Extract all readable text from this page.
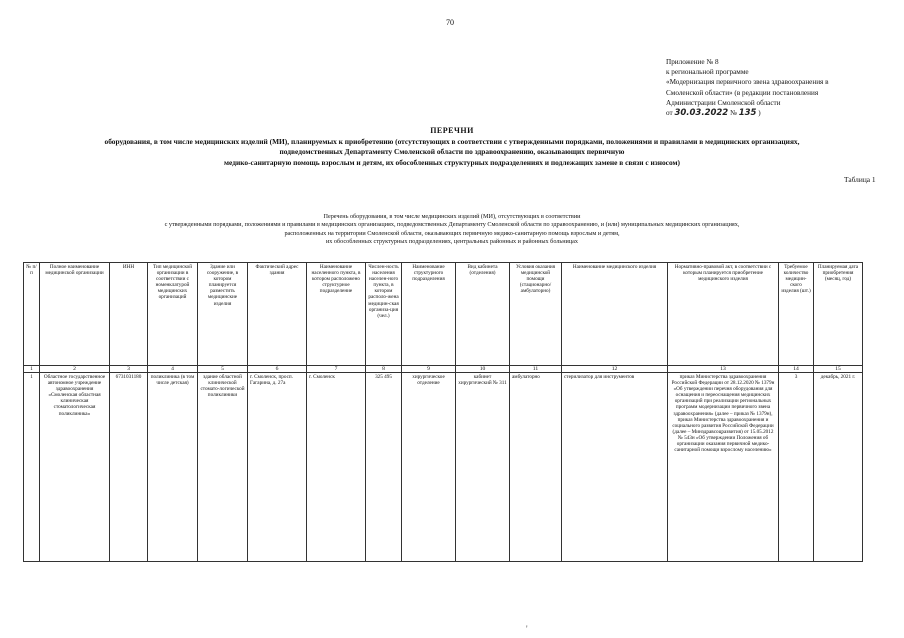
70
Приложение № 8
к региональной программе
«Модернизация первичного звена здравоохранения в
Смоленской области» (в редакции постановления
Администрации Смоленской области
от 30.03.2022 № 135 )
ПЕРЕЧНИ
оборудования, в том числе медицинских изделий (МИ), планируемых к приобретению (отсутствующих в соответствии с утвержденными порядками, положениями и правилами в медицинских организациях,
подведомственных Департаменту Смоленской области по здравоохранению, оказывающих первичную
медико-санитарную помощь взрослым и детям, их обособленных структурных подразделениях и подлежащих замене в связи с износом)
Таблица 1
Перечень оборудования, в том числе медицинских изделий (МИ), отсутствующих в соответствии
с утвержденными порядками, положениями и правилами в медицинских организациях, подведомственных Департаменту Смоленской области по здравоохранению, и (или) муниципальных медицинских организациях,
расположенных на территории Смоленской области, оказывающих первичную медико-санитарную помощь взрослым и детям,
их обособленных структурных подразделениях, центральных районных и районных больницах
№ п/п	Полное наименование медицинской организации	ИНН	Тип медицинской организации в соответствии с номенклатурой медицинских организаций	Здание или сооружение, в котором планируется разместить медицинские изделия	Фактический адрес здания	Наименование населенного пункта, в котором расположено структурное подразделение	Числен-ность населения населен-ного пункта, в котором располо-жена медицин-ская организа-ция (чел.)	Наименование структурного подразделения	Вид кабинета (отделения)	Условия оказания медицинской помощи (стационарно/амбулаторно)	Наименование медицинского изделия	Нормативно-правовой акт, в соответствии с которым планируется приобретение медицинского изделия	Требуемое количество медицин-ского изделия (шт.)	Планируемая дата приобретения (месяц, год)
1	2	3	4	5	6	7	8	9	10	11	12	13	14	15
1	Областное государственное автономное учреждение здравоохранения «Смоленская областная клиническая стоматологическая поликлиника»	6731031180	поликлиника (в том числе детская)	здание областной клинической стомато-логической поликлиники	г. Смоленск, просп. Гагарина, д. 27а	г. Смоленск	325 495	хирургическое отделение	кабинет хирургический № 311	амбулаторно	стерилизатор для инструментов	приказ Министерства здравоохранения Российской Федерации от 28.12.2020 № 1379н «Об утверждении перечня оборудования для оснащения и переоснащения медицинских организаций при реализации региональных программ модернизации первичного звена здравоохранения» (далее – приказ № 1379н), приказ Министерства здравоохранения и социального развития Российской Федерации (далее – Минздравсоцразвития) от 15.05.2012 № 543н «Об утверждении Положения об организации оказания первичной медико-санитарной помощи взрослому населению»	3	декабрь, 2021 г.
'
